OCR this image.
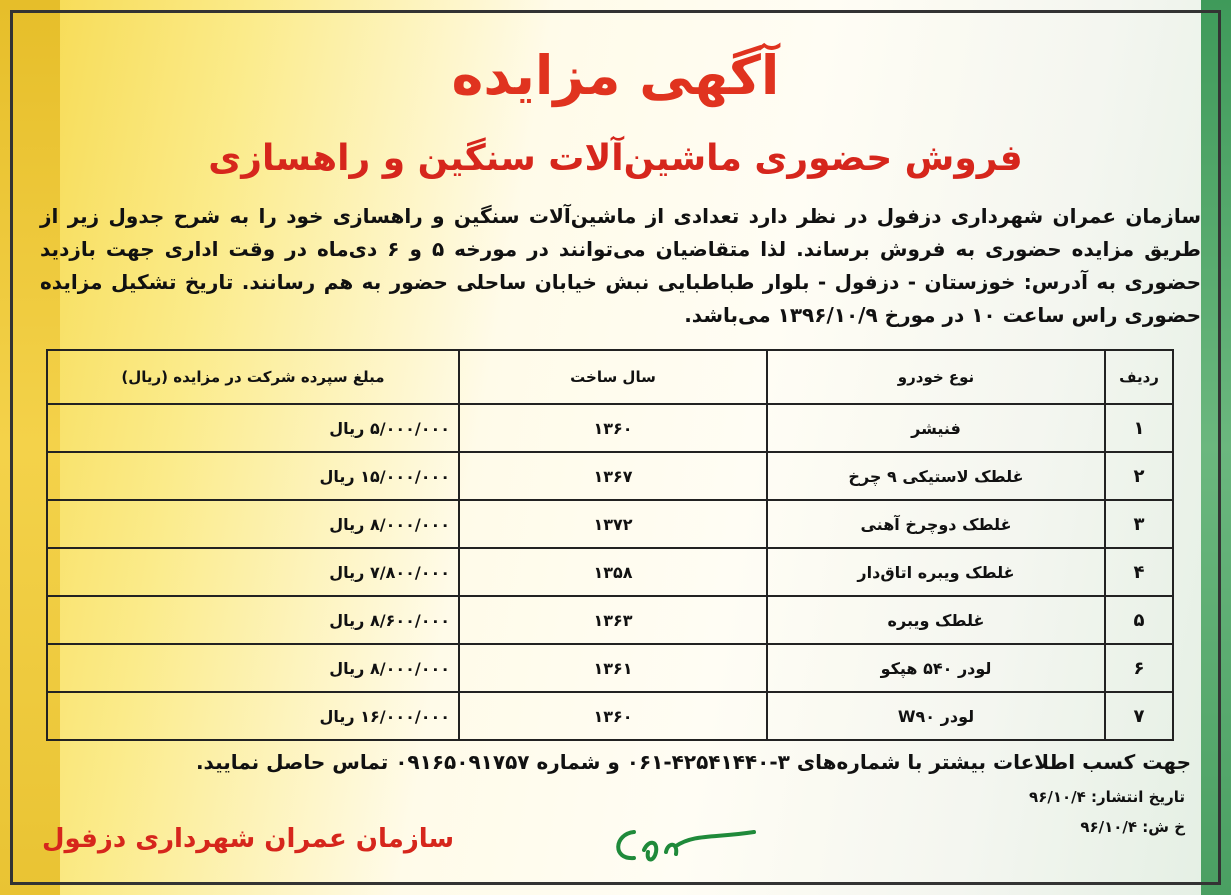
آگهی مزایده
فروش حضوری ماشین‌آلات سنگین و راهسازی
سازمان عمران شهرداری دزفول در نظر دارد تعدادی از ماشین‌آلات سنگین و راهسازی خود را به شرح جدول زیر از طریق مزایده حضوری به فروش برساند. لذا متقاضیان می‌توانند در مورخه ۵ و ۶ دی‌ماه در وقت اداری جهت بازدید حضوری به آدرس: خوزستان - دزفول - بلوار طباطبایی نبش خیابان ساحلی حضور به هم رسانند. تاریخ تشکیل مزایده حضوری راس ساعت ۱۰ در مورخ ۱۳۹۶/۱۰/۹ می‌باشد.
ردیف	نوع خودرو	سال ساخت	مبلغ سپرده شرکت در مزایده (ریال)
۱	فنیشر	۱۳۶۰	۵/۰۰۰/۰۰۰ ریال
۲	غلطک لاستیکی ۹ چرخ	۱۳۶۷	۱۵/۰۰۰/۰۰۰ ریال
۳	غلطک دوچرخ آهنی	۱۳۷۲	۸/۰۰۰/۰۰۰ ریال
۴	غلطک ویبره اتاق‌دار	۱۳۵۸	۷/۸۰۰/۰۰۰ ریال
۵	غلطک ویبره	۱۳۶۳	۸/۶۰۰/۰۰۰ ریال
۶	لودر ۵۴۰ هپکو	۱۳۶۱	۸/۰۰۰/۰۰۰ ریال
۷	لودر W۹۰	۱۳۶۰	۱۶/۰۰۰/۰۰۰ ریال
جهت کسب اطلاعات بیشتر با شماره‌های ۳-۴۲۵۴۱۴۴۰-۰۶۱ و شماره ۰۹۱۶۵۰۹۱۷۵۷ تماس حاصل نمایید.
تاریخ انتشار: ۹۶/۱۰/۴
خ ش: ۹۶/۱۰/۴
سازمان عمران شهرداری دزفول
